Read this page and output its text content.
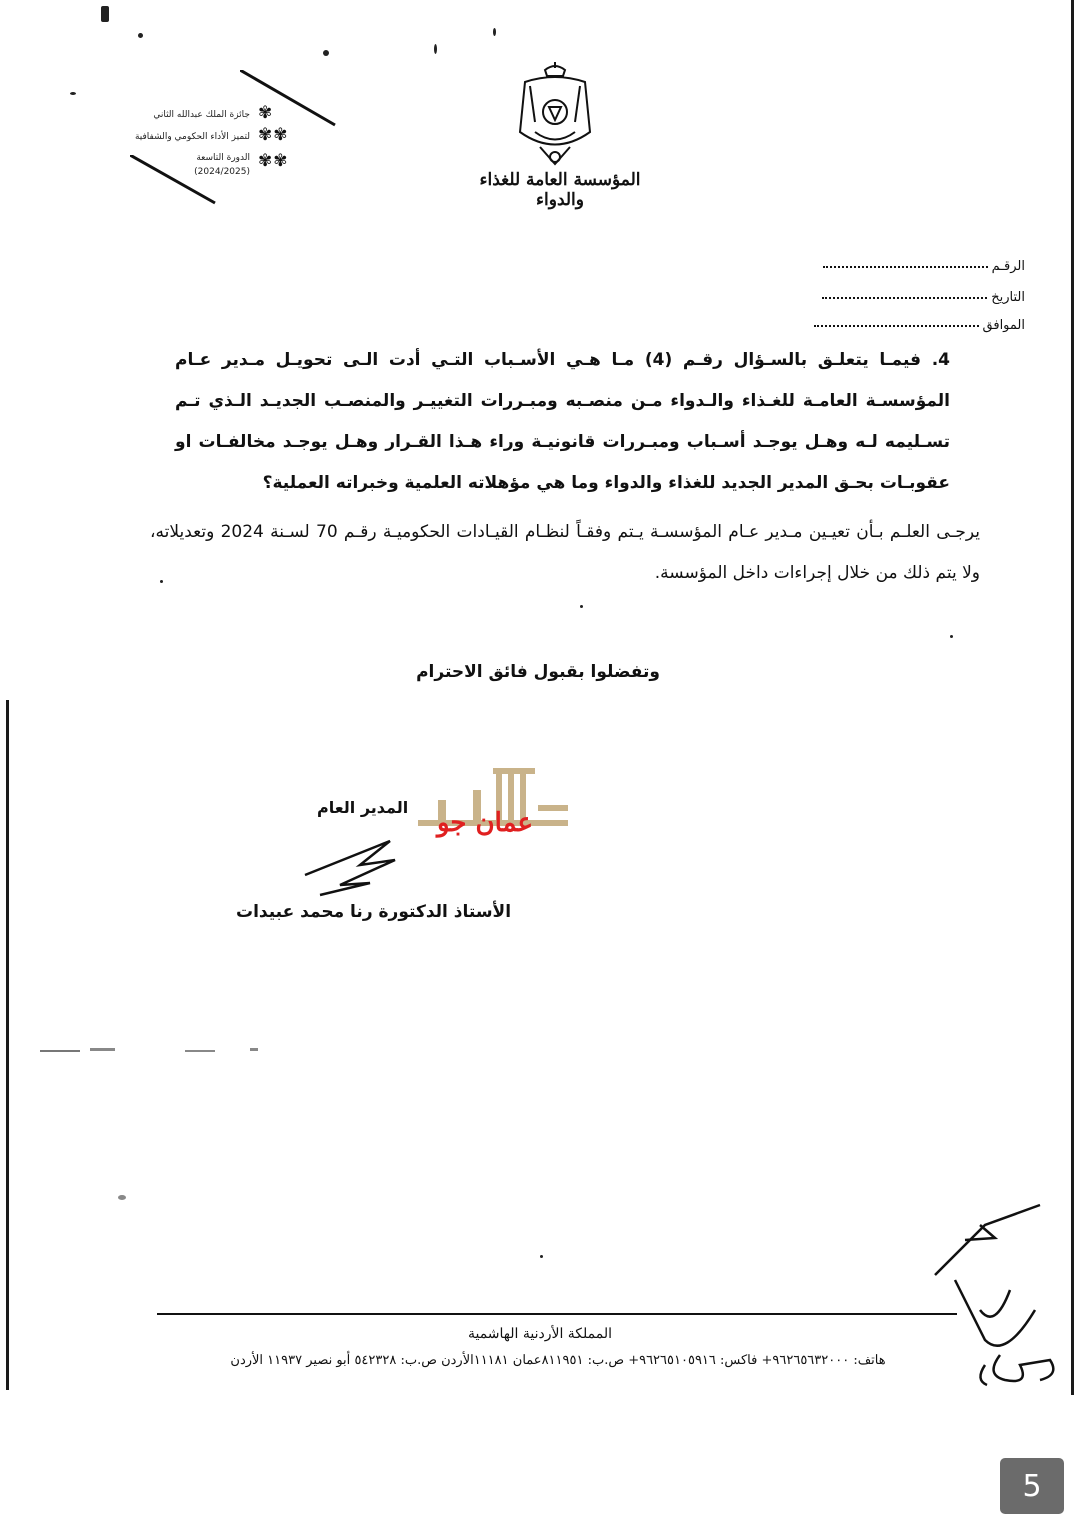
جائزة الملك عبدالله الثاني
لتميز الأداء الحكومي والشفافية
الدورة التاسعة
(2024/2025)
✾
✾✾
✾✾
المؤسسة العامة للغذاء والدواء
الرقـم
التاريخ
الموافق
4. فيمـا يتعلـق بالسـؤال رقـم (4) مـا هـي الأسـباب التـي أدت الـى تحويـل مـدير عـام المؤسسـة العامـة للغـذاء والـدواء مـن منصـبه ومبـررات التغييـر والمنصـب الجديـد الـذي تـم تسـليمه لـه وهـل يوجـد أسـباب ومبـررات قانونيـة وراء هـذا القـرار وهـل يوجـد مخالفـات او عقوبـات بحـق المدير الجديد للغذاء والدواء وما هي مؤهلاته العلمية وخبراته العملية؟
يرجـى العلـم بـأن تعيـين مـدير عـام المؤسسـة يـتم وفقـاً لنظـام القيـادات الحكوميـة رقـم 70 لسـنة 2024 وتعديلاته، ولا يتم ذلك من خلال إجراءات داخل المؤسسة.
وتفضلوا بقبول فائق الاحترام
المدير العام
عمان جو
الأستاذ الدكتورة رنا محمد عبيدات
المملكة الأردنية الهاشمية
هاتف: ٩٦٢٦٥٦٣٢٠٠٠+ فاكس: ٩٦٢٦٥١٠٥٩١٦+ ص.ب: ٨١١٩٥١عمان ١١١٨١الأردن ص.ب: ٥٤٢٣٢٨ أبو نصير ١١٩٣٧ الأردن
5
